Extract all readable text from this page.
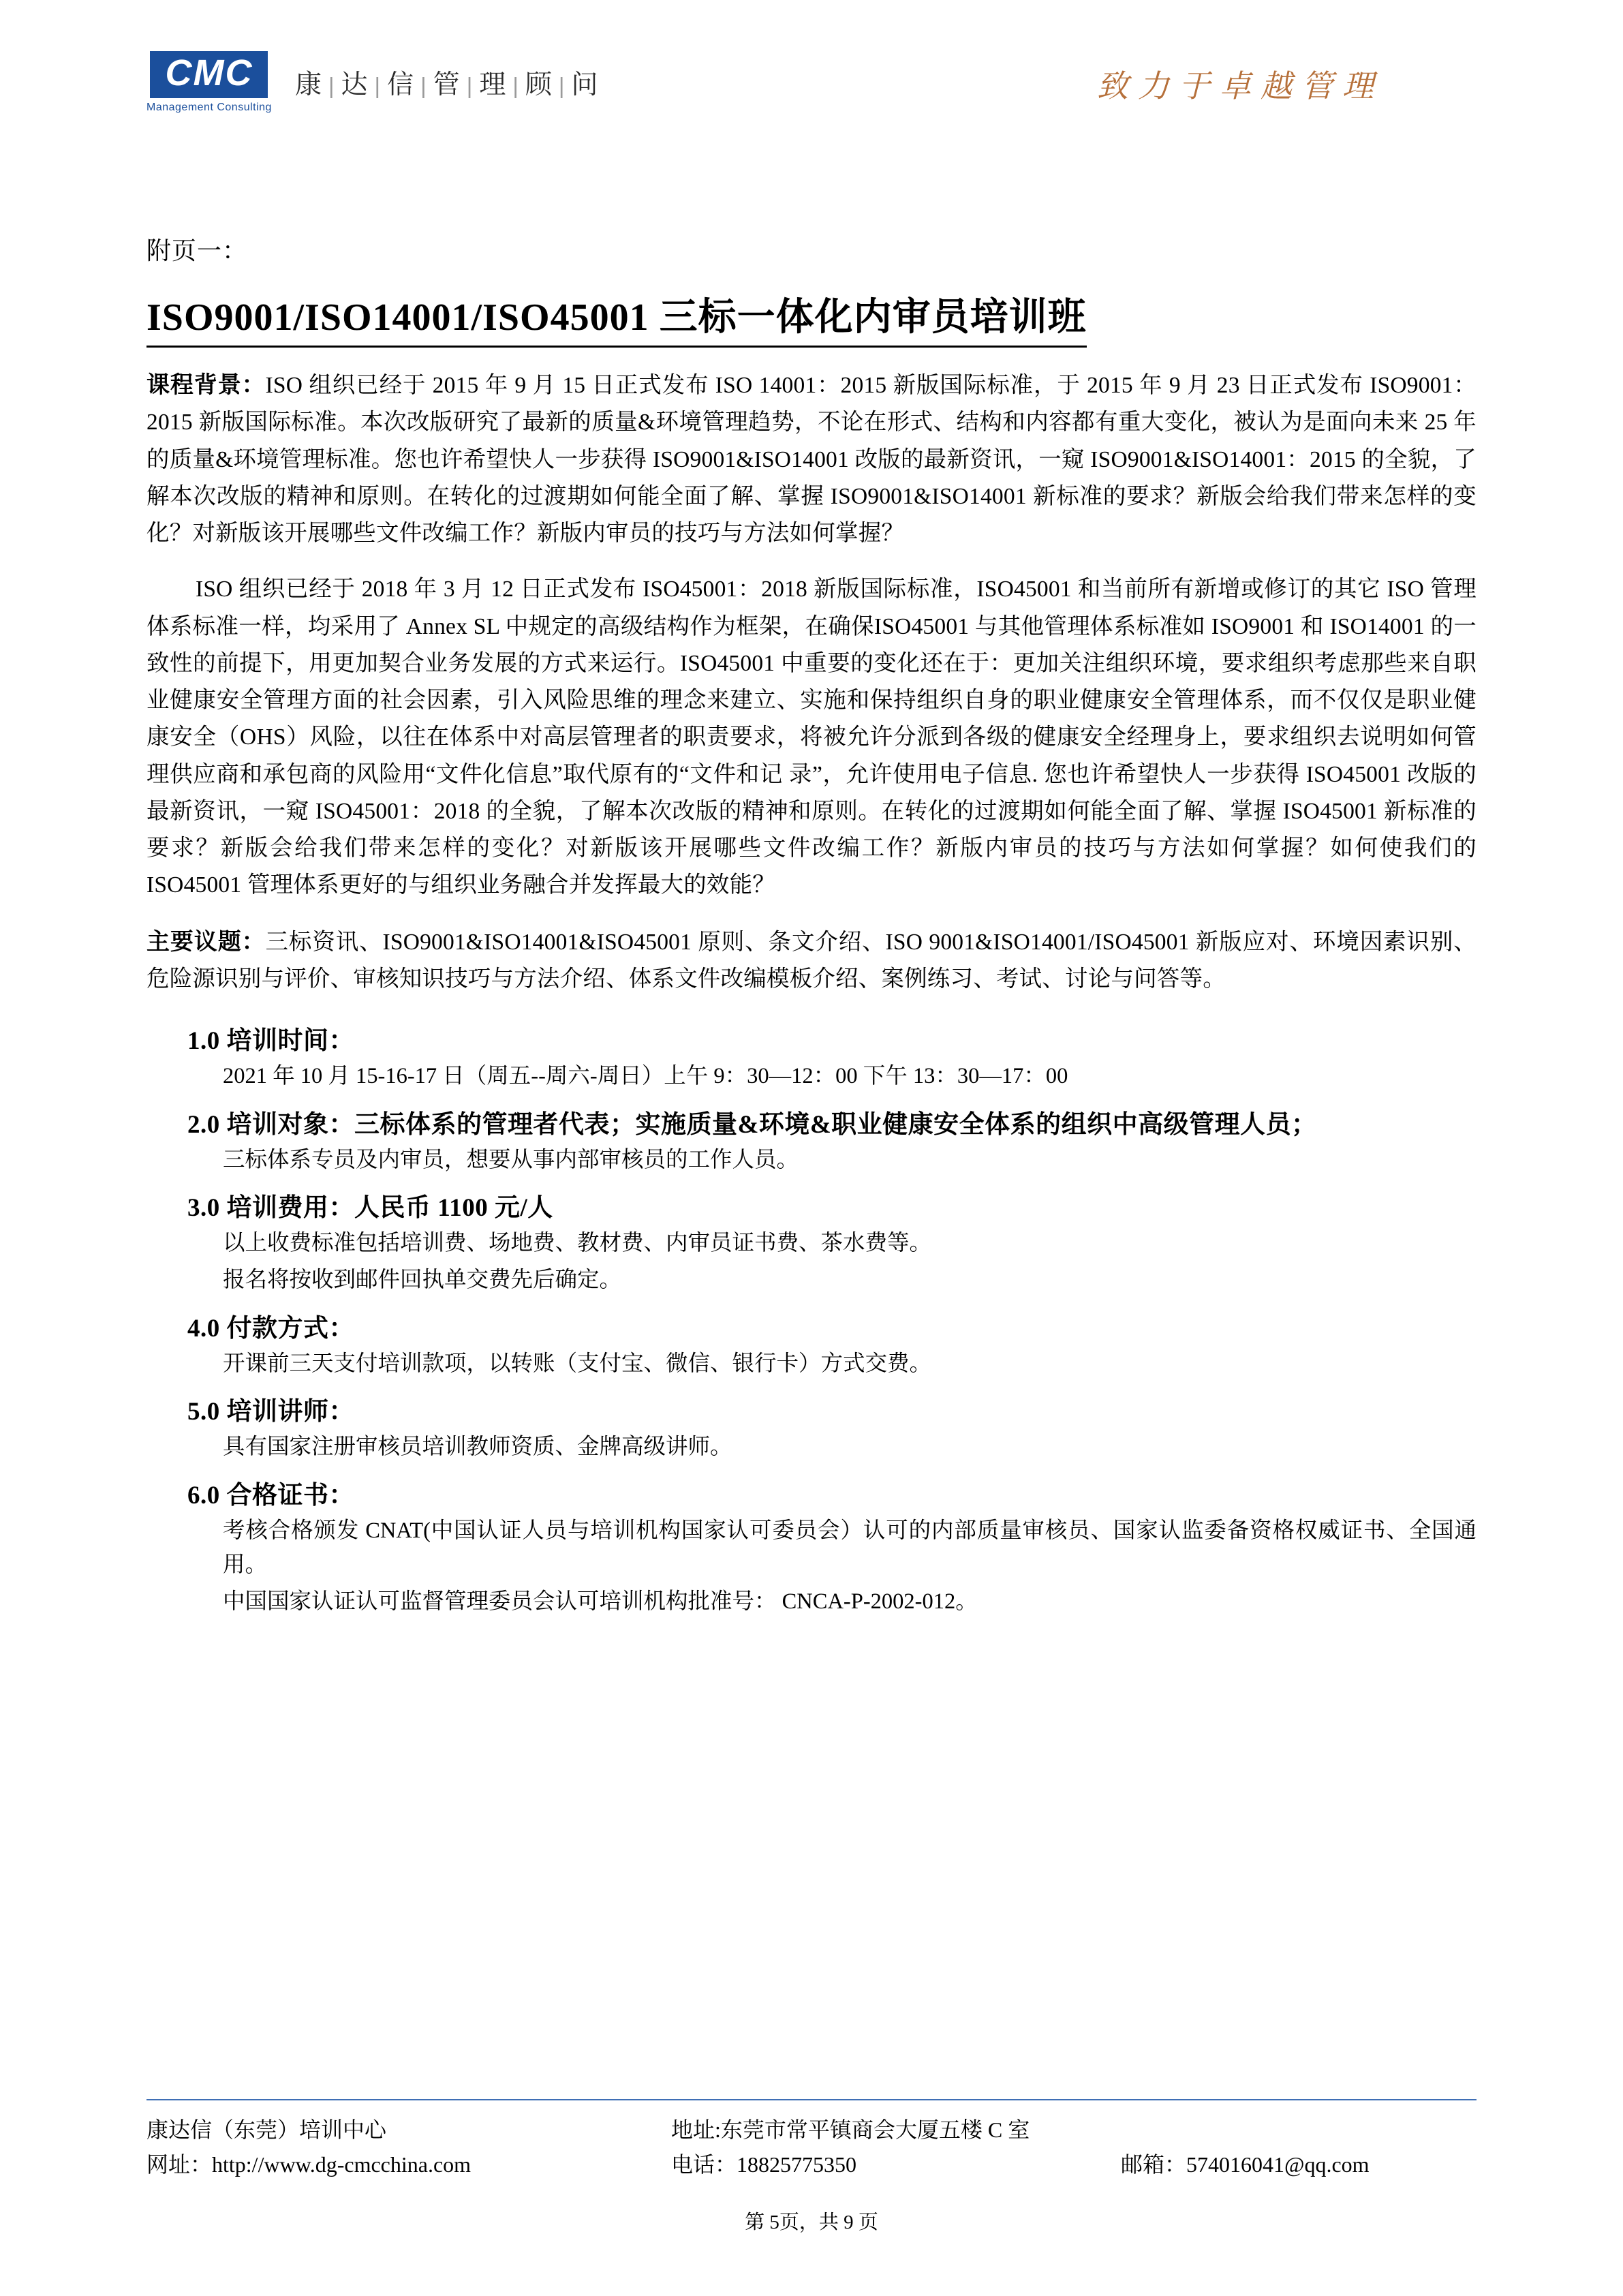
CMC
Management Consulting
康 | 达 | 信 | 管 | 理 | 顾 | 问	致力于卓越管理
附页一：
ISO9001/ISO14001/ISO45001 三标一体化内审员培训班
课程背景：ISO 组织已经于 2015 年 9 月 15 日正式发布 ISO 14001：2015 新版国际标准，于 2015 年 9 月 23 日正式发布 ISO9001：2015 新版国际标准。本次改版研究了最新的质量&环境管理趋势，不论在形式、结构和内容都有重大变化，被认为是面向未来 25 年的质量&环境管理标准。您也许希望快人一步获得 ISO9001&ISO14001 改版的最新资讯，一窥 ISO9001&ISO14001：2015 的全貌，了解本次改版的精神和原则。在转化的过渡期如何能全面了解、掌握 ISO9001&ISO14001 新标准的要求？新版会给我们带来怎样的变化？对新版该开展哪些文件改编工作？新版内审员的技巧与方法如何掌握？
ISO 组织已经于 2018 年 3 月 12 日正式发布 ISO45001：2018 新版国际标准，ISO45001 和当前所有新增或修订的其它 ISO 管理体系标准一样，均采用了 Annex SL 中规定的高级结构作为框架，在确保ISO45001 与其他管理体系标准如 ISO9001 和 ISO14001 的一致性的前提下，用更加契合业务发展的方式来运行。ISO45001 中重要的变化还在于：更加关注组织环境，要求组织考虑那些来自职业健康安全管理方面的社会因素，引入风险思维的理念来建立、实施和保持组织自身的职业健康安全管理体系，而不仅仅是职业健康安全（OHS）风险，以往在体系中对高层管理者的职责要求，将被允许分派到各级的健康安全经理身上，要求组织去说明如何管理供应商和承包商的风险用“文件化信息”取代原有的“文件和记 录”，允许使用电子信息. 您也许希望快人一步获得 ISO45001 改版的最新资讯，一窥 ISO45001：2018 的全貌，了解本次改版的精神和原则。在转化的过渡期如何能全面了解、掌握 ISO45001 新标准的要求？新版会给我们带来怎样的变化？对新版该开展哪些文件改编工作？新版内审员的技巧与方法如何掌握？如何使我们的 ISO45001 管理体系更好的与组织业务融合并发挥最大的效能？
主要议题：三标资讯、ISO9001&ISO14001&ISO45001 原则、条文介绍、ISO 9001&ISO14001/ISO45001 新版应对、环境因素识别、危险源识别与评价、审核知识技巧与方法介绍、体系文件改编模板介绍、案例练习、考试、讨论与问答等。
1.0 培训时间：
2021 年 10 月 15-16-17 日（周五--周六-周日）上午 9：30—12：00 下午 13：30—17：00
2.0 培训对象：三标体系的管理者代表；实施质量&环境&职业健康安全体系的组织中高级管理人员；
三标体系专员及内审员，想要从事内部审核员的工作人员。
3.0 培训费用：人民币 1100 元/人
以上收费标准包括培训费、场地费、教材费、内审员证书费、茶水费等。
报名将按收到邮件回执单交费先后确定。
4.0 付款方式：
开课前三天支付培训款项，以转账（支付宝、微信、银行卡）方式交费。
5.0 培训讲师：
具有国家注册审核员培训教师资质、金牌高级讲师。
6.0 合格证书：
考核合格颁发 CNAT(中国认证人员与培训机构国家认可委员会）认可的内部质量审核员、国家认监委备资格权威证书、全国通用。
中国国家认证认可监督管理委员会认可培训机构批准号： CNCA-P-2002-012。
康达信（东莞）培训中心
网址：http://www.dg-cmcchina.com
地址:东莞市常平镇商会大厦五楼 C 室
电话：18825775350
	邮箱：574016041@qq.com
第 5页，共 9 页
